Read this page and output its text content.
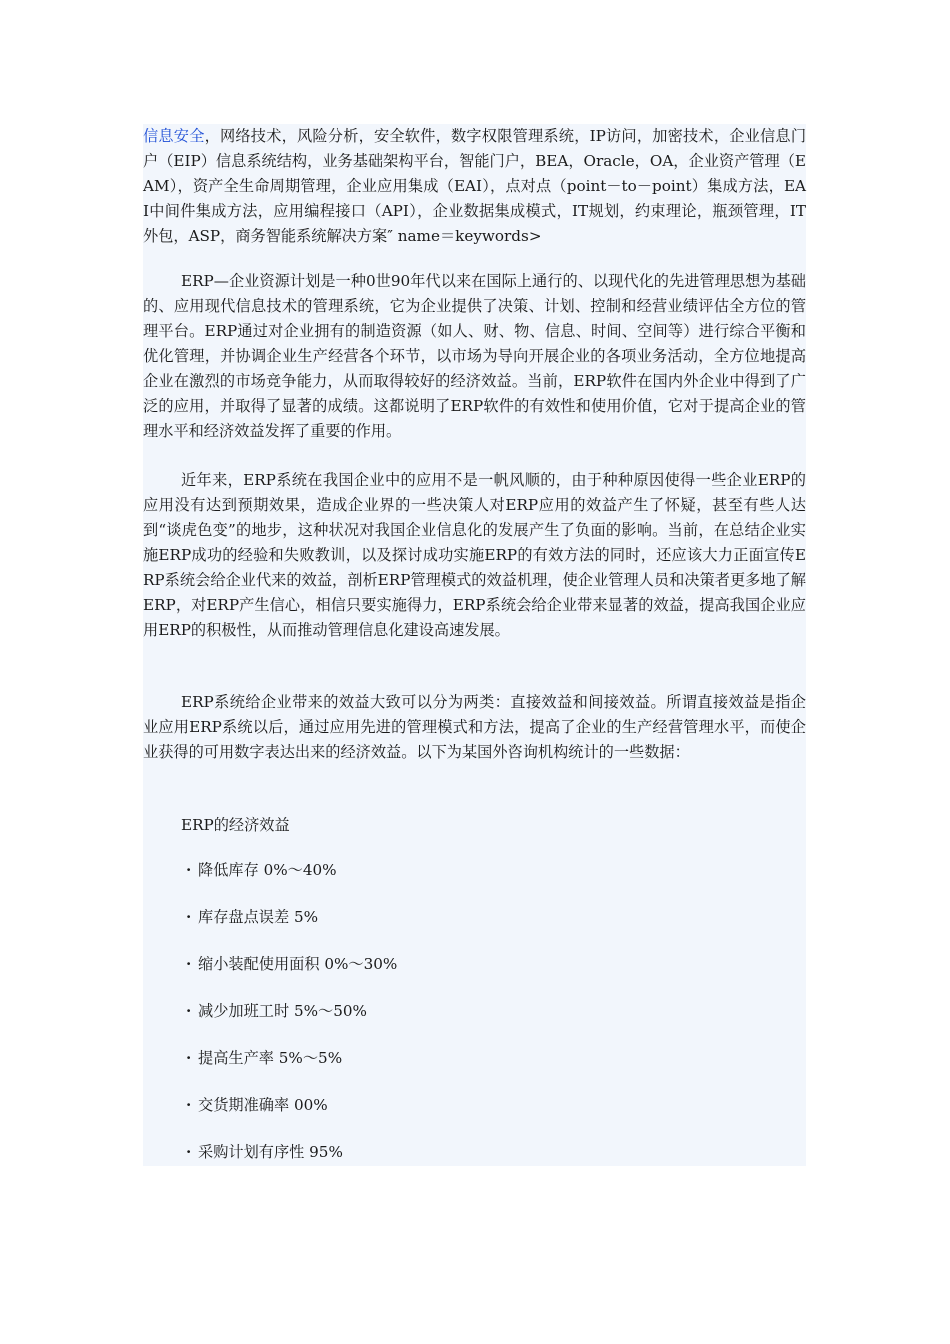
信息安全，网络技术，风险分析，安全软件，数字权限管理系统，IP访问，加密技术，企业信息门户（EIP）信息系统结构，业务基础架构平台，智能门户，BEA，Oracle，OA，企业资产管理（EAM），资产全生命周期管理，企业应用集成（EAI），点对点（point－to－point）集成方法，EAI中间件集成方法，应用编程接口（API），企业数据集成模式，IT规划，约束理论，瓶颈管理，IT外包，ASP，商务智能系统解决方案″ name＝keywords>

ERP—企业资源计划是一种0世90年代以来在国际上通行的、以现代化的先进管理思想为基础的、应用现代信息技术的管理系统，它为企业提供了决策、计划、控制和经营业绩评估全方位的管理平台。ERP通过对企业拥有的制造资源（如人、财、物、信息、时间、空间等）进行综合平衡和优化管理，并协调企业生产经营各个环节，以市场为导向开展企业的各项业务活动，全方位地提高企业在激烈的市场竞争能力，从而取得较好的经济效益。当前，ERP软件在国内外企业中得到了广泛的应用，并取得了显著的成绩。这都说明了ERP软件的有效性和使用价值，它对于提高企业的管理水平和经济效益发挥了重要的作用。

近年来，ERP系统在我国企业中的应用不是一帆风顺的，由于种种原因使得一些企业ERP的应用没有达到预期效果，造成企业界的一些决策人对ERP应用的效益产生了怀疑，甚至有些人达到“谈虎色变”的地步，这种状况对我国企业信息化的发展产生了负面的影响。当前，在总结企业实施ERP成功的经验和失败教训，以及探讨成功实施ERP的有效方法的同时，还应该大力正面宣传ERP系统会给企业代来的效益，剖析ERP管理模式的效益机理，使企业管理人员和决策者更多地了解ERP，对ERP产生信心，相信只要实施得力，ERP系统会给企业带来显著的效益，提高我国企业应用ERP的积极性，从而推动管理信息化建设高速发展。

ERP系统给企业带来的效益大致可以分为两类：直接效益和间接效益。所谓直接效益是指企业应用ERP系统以后，通过应用先进的管理模式和方法，提高了企业的生产经营管理水平，而使企业获得的可用数字表达出来的经济效益。以下为某国外咨询机构统计的一些数据：

ERP的经济效益
· 降低库存 0%～40%
· 库存盘点误差 5%
· 缩小装配使用面积 0%～30%
· 减少加班工时 5%～50%
· 提高生产率 5%～5%
· 交货期准确率 00%
· 采购计划有序性 95%
